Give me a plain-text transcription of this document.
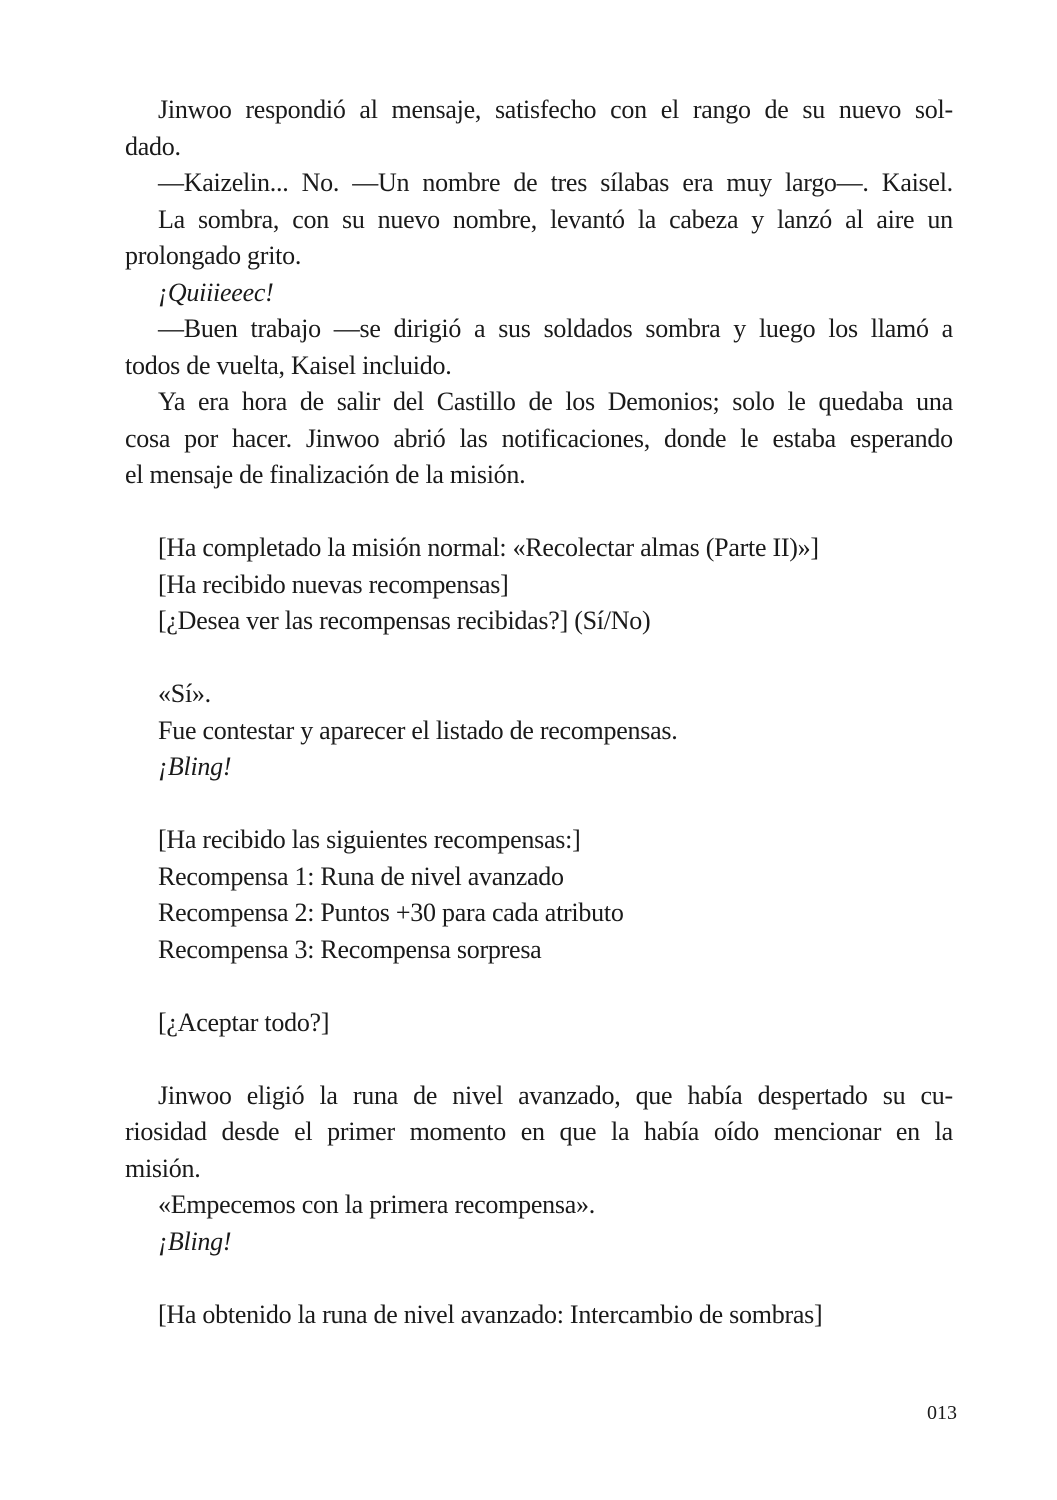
Jinwoo respondió al mensaje, satisfecho con el rango de su nuevo sol-
dado.
—Kaizelin... No. —Un nombre de tres sílabas era muy largo—. Kaisel.
La sombra, con su nuevo nombre, levantó la cabeza y lanzó al aire un
prolongado grito.
¡Quiiieeec!
—Buen trabajo —se dirigió a sus soldados sombra y luego los llamó a
todos de vuelta, Kaisel incluido.
Ya era hora de salir del Castillo de los Demonios; solo le quedaba una
cosa por hacer. Jinwoo abrió las notificaciones, donde le estaba esperando
el mensaje de finalización de la misión.
[Ha completado la misión normal: «Recolectar almas (Parte II)»]
[Ha recibido nuevas recompensas]
[¿Desea ver las recompensas recibidas?] (Sí/No)
«Sí».
Fue contestar y aparecer el listado de recompensas.
¡Bling!
[Ha recibido las siguientes recompensas:]
Recompensa 1: Runa de nivel avanzado
Recompensa 2: Puntos +30 para cada atributo
Recompensa 3: Recompensa sorpresa
[¿Aceptar todo?]
Jinwoo eligió la runa de nivel avanzado, que había despertado su cu-
riosidad desde el primer momento en que la había oído mencionar en la
misión.
«Empecemos con la primera recompensa».
¡Bling!
[Ha obtenido la runa de nivel avanzado: Intercambio de sombras]
013
